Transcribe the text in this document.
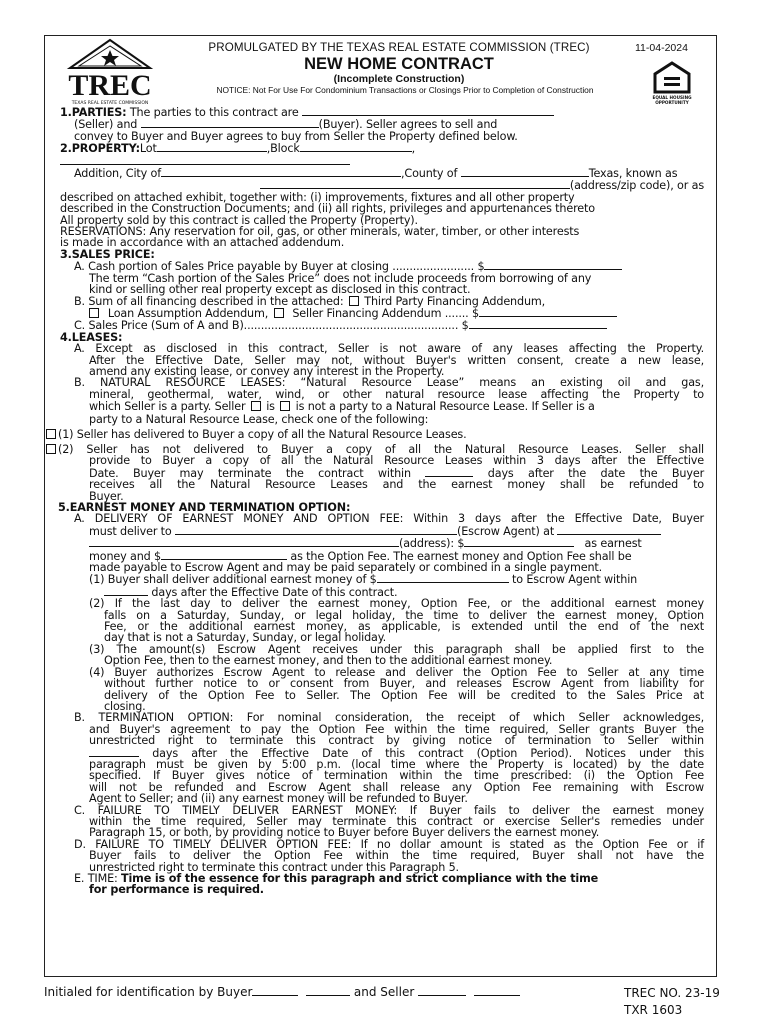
TREC
TEXAS REAL ESTATE COMMISSION
PROMULGATED BY THE TEXAS REAL ESTATE COMMISSION (TREC)	11-04-2024
NEW HOME CONTRACT
(Incomplete Construction)
NOTICE: Not For Use For Condominium Transactions or Closings Prior to Completion of Construction
EQUAL HOUSING
OPPORTUNITY

1.PARTIES: The parties to this contract are

(Seller) and	(Buyer). Seller agrees to sell and

convey to Buyer and Buyer agrees to buy from Seller the Property defined below.

2.PROPERTY:Lot	,Block	,

Addition, City of	,County of	Texas, known as

(address/zip code), or as

described on attached exhibit, together with: (i) improvements, fixtures and all other property

described in the Construction Documents; and (ii) all rights, privileges and appurtenances thereto

All property sold by this contract is called the Property (Property).

RESERVATIONS: Any reservation for oil, gas, or other minerals, water, timber, or other interests

is made in accordance with an attached addendum.

3.SALES PRICE:

A. Cash portion of Sales Price payable by Buyer at closing ........................ $

The term “Cash portion of the Sales Price” does not include proceeds from borrowing of any

kind or selling other real property except as disclosed in this contract.

B. Sum of all financing described in the attached: Third Party Financing Addendum,

Loan Assumption Addendum, Seller Financing Addendum ....... $

C. Sales Price (Sum of A and B)............................................................... $

4.LEASES:

A. Except as disclosed in this contract, Seller is not aware of any leases affecting the Property.

After the Effective Date, Seller may not, without Buyer's written consent, create a new lease,

amend any existing lease, or convey any interest in the Property.

B. NATURAL RESOURCE LEASES: “Natural Resource Lease” means an existing oil and gas,

mineral, geothermal, water, wind, or other natural resource lease affecting the Property to

which Seller is a party. Seller is is not a party to a Natural Resource Lease. If Seller is a

party to a Natural Resource Lease, check one of the following:

(1) Seller has delivered to Buyer a copy of all the Natural Resource Leases.

(2) Seller has not delivered to Buyer a copy of all the Natural Resource Leases. Seller shall

provide to Buyer a copy of all the Natural Resource Leases within 3 days after the Effective

Date. Buyer may terminate the contract within	days after the date the Buyer

receives all the Natural Resource Leases and the earnest money shall be refunded to

Buyer.

5.EARNEST MONEY AND TERMINATION OPTION:

A. DELIVERY OF EARNEST MONEY AND OPTION FEE: Within 3 days after the Effective Date, Buyer

must deliver to	(Escrow Agent) at

(address): $	as earnest

money and $	as the Option Fee. The earnest money and Option Fee shall be

made payable to Escrow Agent and may be paid separately or combined in a single payment.

(1) Buyer shall deliver additional earnest money of $	to Escrow Agent within

days after the Effective Date of this contract.

(2) If the last day to deliver the earnest money, Option Fee, or the additional earnest money

falls on a Saturday, Sunday, or legal holiday, the time to deliver the earnest money, Option

Fee, or the additional earnest money, as applicable, is extended until the end of the next

day that is not a Saturday, Sunday, or legal holiday.

(3) The amount(s) Escrow Agent receives under this paragraph shall be applied first to the

Option Fee, then to the earnest money, and then to the additional earnest money.

(4) Buyer authorizes Escrow Agent to release and deliver the Option Fee to Seller at any time

without further notice to or consent from Buyer, and releases Escrow Agent from liability for

delivery of the Option Fee to Seller. The Option Fee will be credited to the Sales Price at

closing.

B. TERMINATION OPTION: For nominal consideration, the receipt of which Seller acknowledges,

and Buyer's agreement to pay the Option Fee within the time required, Seller grants Buyer the

unrestricted right to terminate this contract by giving notice of termination to Seller within

days after the Effective Date of this contract (Option Period). Notices under this

paragraph must be given by 5:00 p.m. (local time where the Property is located) by the date

specified. If Buyer gives notice of termination within the time prescribed: (i) the Option Fee

will not be refunded and Escrow Agent shall release any Option Fee remaining with Escrow

Agent to Seller; and (ii) any earnest money will be refunded to Buyer.

C. FAILURE TO TIMELY DELIVER EARNEST MONEY: If Buyer fails to deliver the earnest money

within the time required, Seller may terminate this contract or exercise Seller's remedies under

Paragraph 15, or both, by providing notice to Buyer before Buyer delivers the earnest money.

D. FAILURE TO TIMELY DELIVER OPTION FEE: If no dollar amount is stated as the Option Fee or if

Buyer fails to deliver the Option Fee within the time required, Buyer shall not have the

unrestricted right to terminate this contract under this Paragraph 5.

E. TIME: Time is of the essence for this paragraph and strict compliance with the time

for performance is required.

Initialed for identification by Buyer	and Seller	TREC NO. 23-19
TXR 1603
